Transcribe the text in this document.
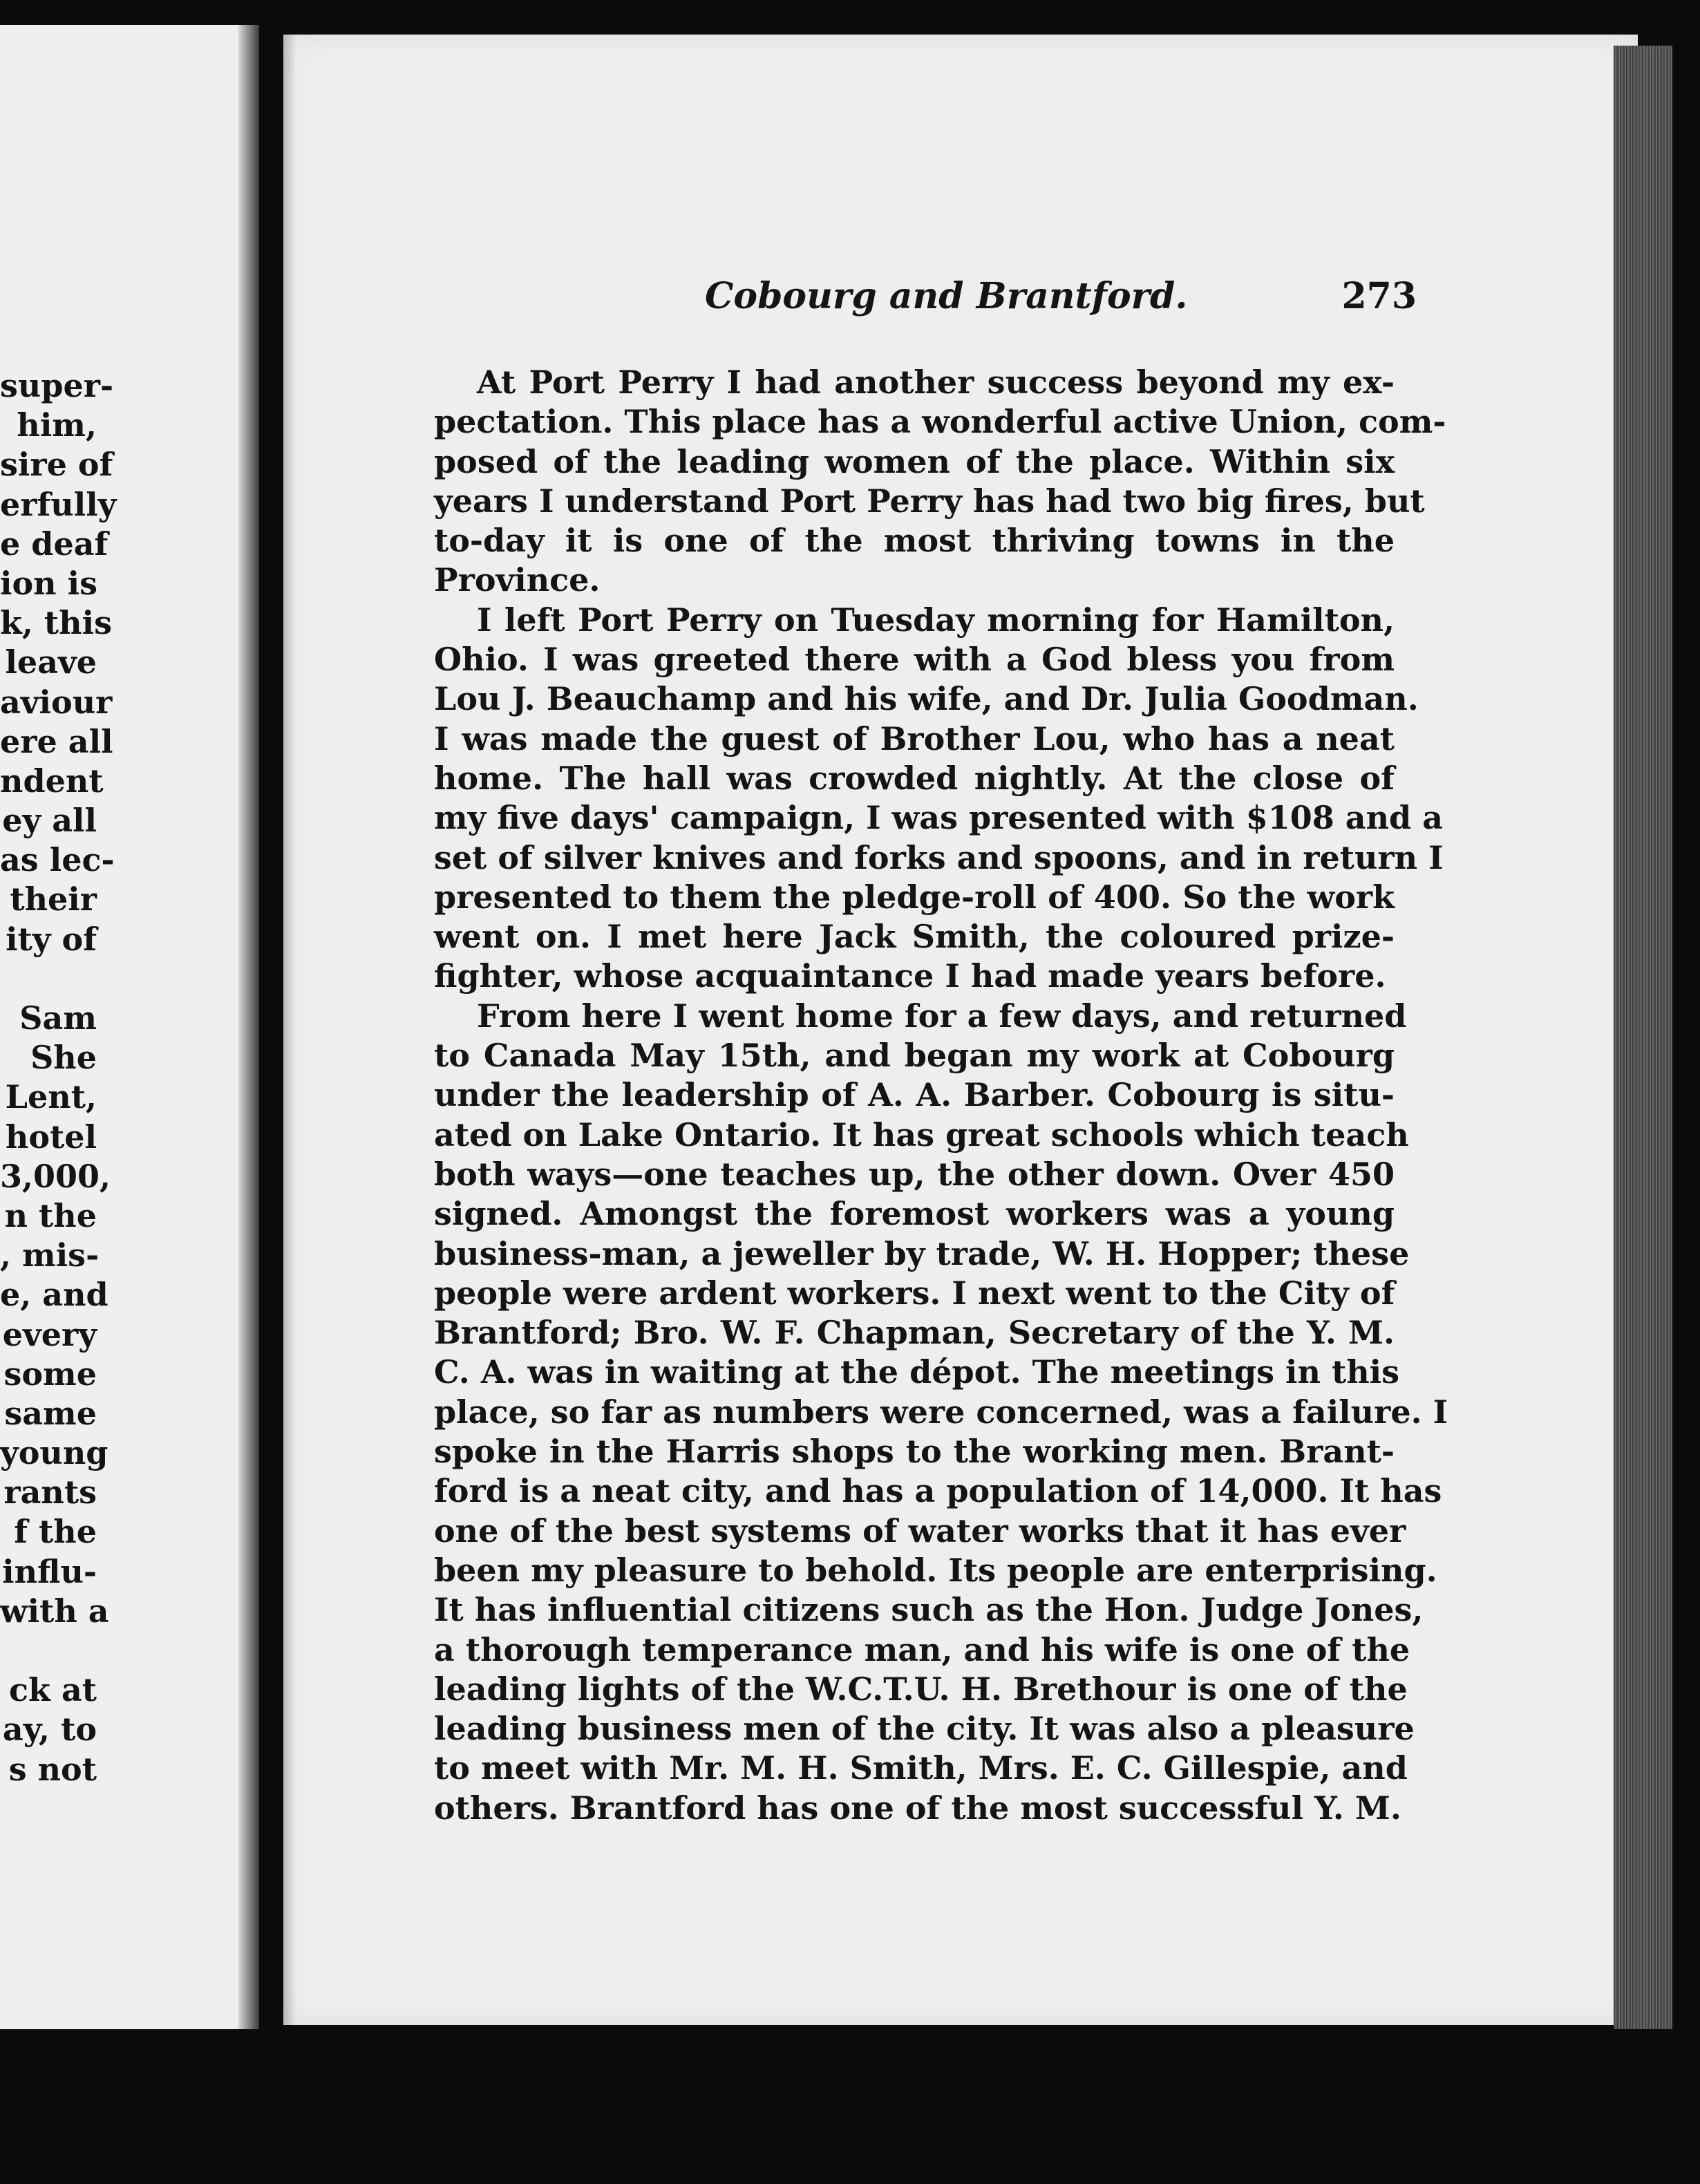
super-
him,
sire of
erfully
e deaf
ion is
k, this
leave
aviour
ere all
ndent
ey all
as lec-
their
ity of
Sam
She
Lent,
hotel
3,000,
n the
, mis-
e, and
every
some
same
young
rants
f the
influ-
with a
ck at
ay, to
s not
Cobourg and Brantford.	273
At Port Perry I had another success beyond my ex-
pectation. This place has a wonderful active Union, com-
posed of the leading women of the place. Within six
years I understand Port Perry has had two big fires, but
to-day it is one of the most thriving towns in the
Province.
I left Port Perry on Tuesday morning for Hamilton,
Ohio. I was greeted there with a God bless you from
Lou J. Beauchamp and his wife, and Dr. Julia Goodman.
I was made the guest of Brother Lou, who has a neat
home. The hall was crowded nightly. At the close of
my five days' campaign, I was presented with $108 and a
set of silver knives and forks and spoons, and in return I
presented to them the pledge-roll of 400. So the work
went on. I met here Jack Smith, the coloured prize-
fighter, whose acquaintance I had made years before.
From here I went home for a few days, and returned
to Canada May 15th, and began my work at Cobourg
under the leadership of A. A. Barber. Cobourg is situ-
ated on Lake Ontario. It has great schools which teach
both ways—one teaches up, the other down. Over 450
signed. Amongst the foremost workers was a young
business-man, a jeweller by trade, W. H. Hopper; these
people were ardent workers. I next went to the City of
Brantford; Bro. W. F. Chapman, Secretary of the Y. M.
C. A. was in waiting at the dépot. The meetings in this
place, so far as numbers were concerned, was a failure. I
spoke in the Harris shops to the working men. Brant-
ford is a neat city, and has a population of 14,000. It has
one of the best systems of water works that it has ever
been my pleasure to behold. Its people are enterprising.
It has influential citizens such as the Hon. Judge Jones,
a thorough temperance man, and his wife is one of the
leading lights of the W.C.T.U. H. Brethour is one of the
leading business men of the city. It was also a pleasure
to meet with Mr. M. H. Smith, Mrs. E. C. Gillespie, and
others. Brantford has one of the most successful Y. M.
